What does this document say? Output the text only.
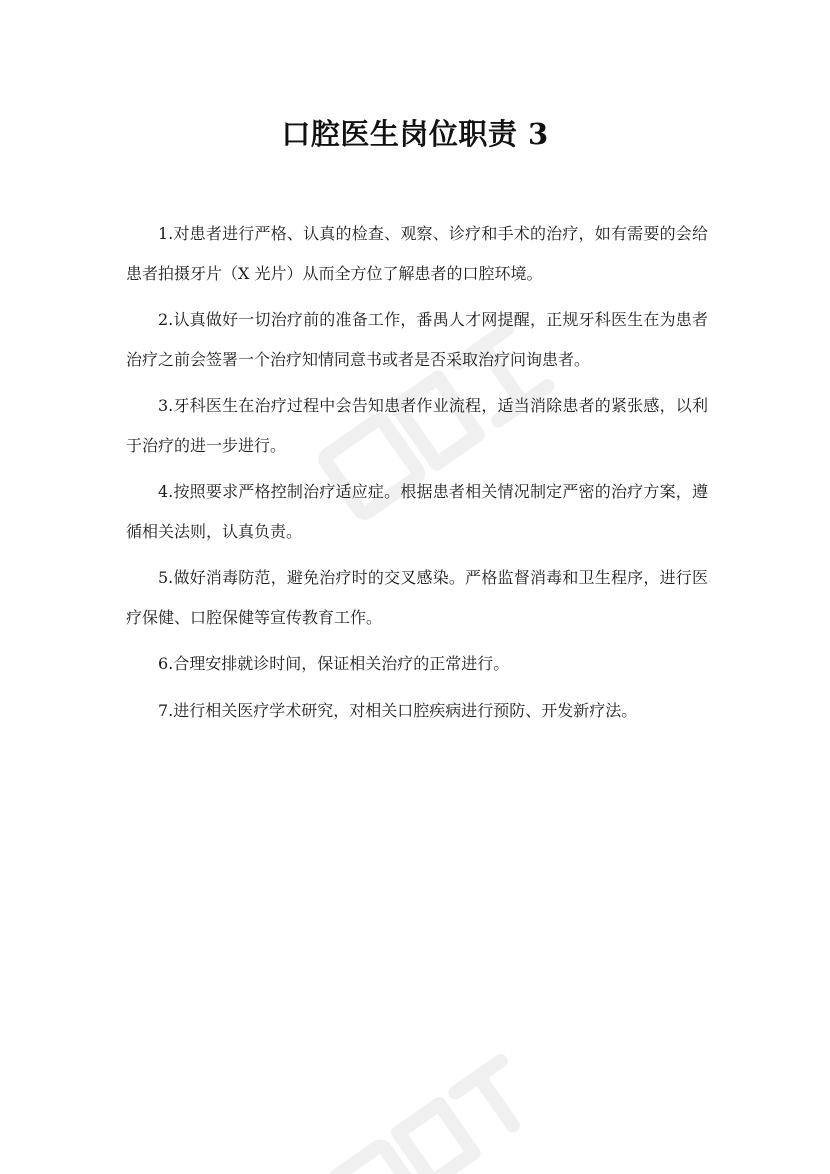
口腔医生岗位职责 3

1.对患者进行严格、认真的检查、观察、诊疗和手术的治疗，如有需要的会给患者拍摄牙片（X 光片）从而全方位了解患者的口腔环境。

2.认真做好一切治疗前的准备工作，番禺人才网提醒，正规牙科医生在为患者治疗之前会签署一个治疗知情同意书或者是否采取治疗问询患者。

3.牙科医生在治疗过程中会告知患者作业流程，适当消除患者的紧张感，以利于治疗的进一步进行。

4.按照要求严格控制治疗适应症。根据患者相关情况制定严密的治疗方案，遵循相关法则，认真负责。

5.做好消毒防范，避免治疗时的交叉感染。严格监督消毒和卫生程序，进行医疗保健、口腔保健等宣传教育工作。

6.合理安排就诊时间，保证相关治疗的正常进行。

7.进行相关医疗学术研究，对相关口腔疾病进行预防、开发新疗法。
